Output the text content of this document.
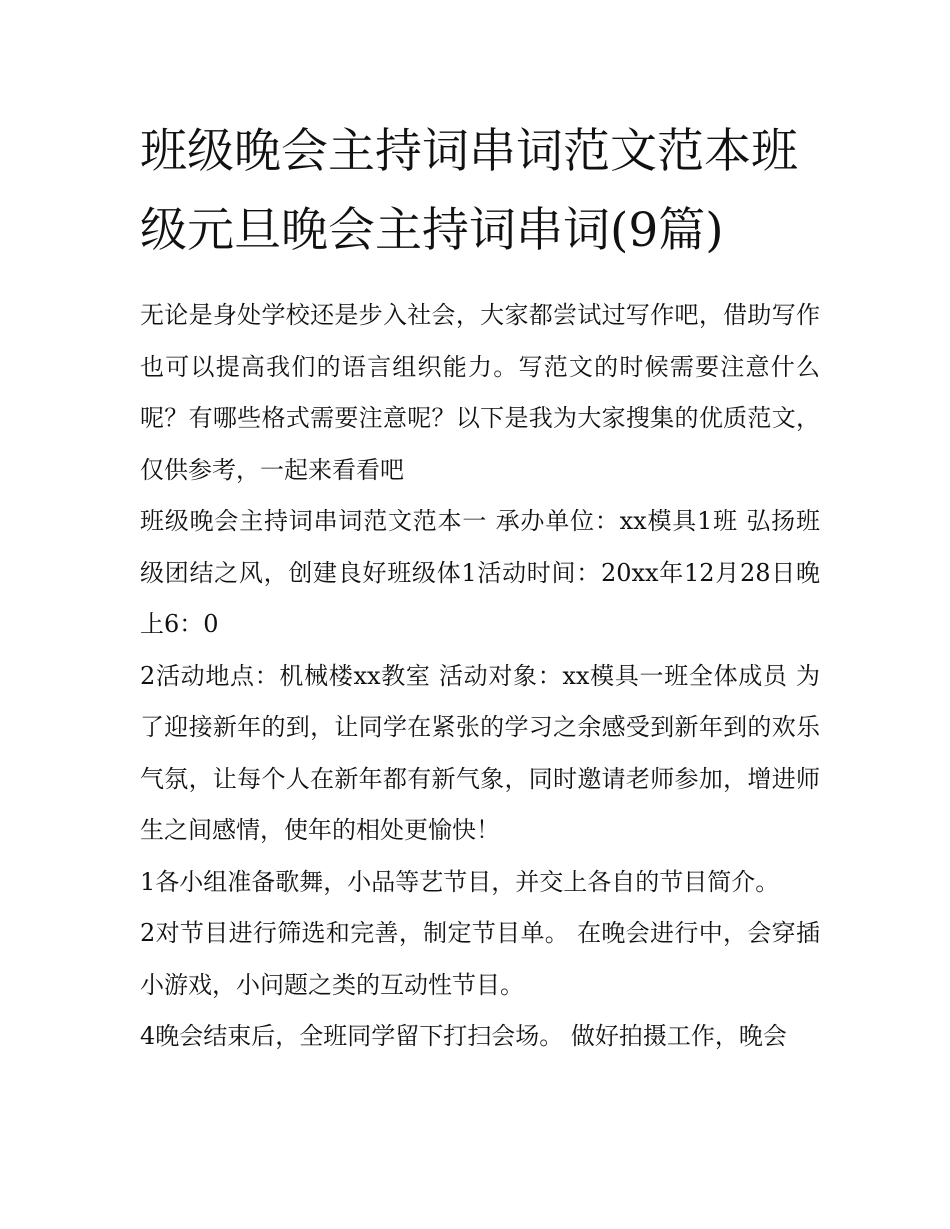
班级晚会主持词串词范文范本班级元旦晚会主持词串词(9篇)

无论是身处学校还是步入社会，大家都尝试过写作吧，借助写作也可以提高我们的语言组织能力。写范文的时候需要注意什么呢？有哪些格式需要注意呢？以下是我为大家搜集的优质范文，仅供参考，一起来看看吧

班级晚会主持词串词范文范本一 承办单位：xx模具1班 弘扬班级团结之风，创建良好班级体1活动时间：20xx年12月28日晚上6：0

2活动地点：机械楼xx教室 活动对象：xx模具一班全体成员 为了迎接新年的到，让同学在紧张的学习之余感受到新年到的欢乐气氛，让每个人在新年都有新气象，同时邀请老师参加，增进师生之间感情，使年的相处更愉快！

1各小组准备歌舞，小品等艺节目，并交上各自的节目简介。

2对节目进行筛选和完善，制定节目单。 在晚会进行中，会穿插小游戏，小问题之类的互动性节目。

4晚会结束后，全班同学留下打扫会场。 做好拍摄工作，晚会
